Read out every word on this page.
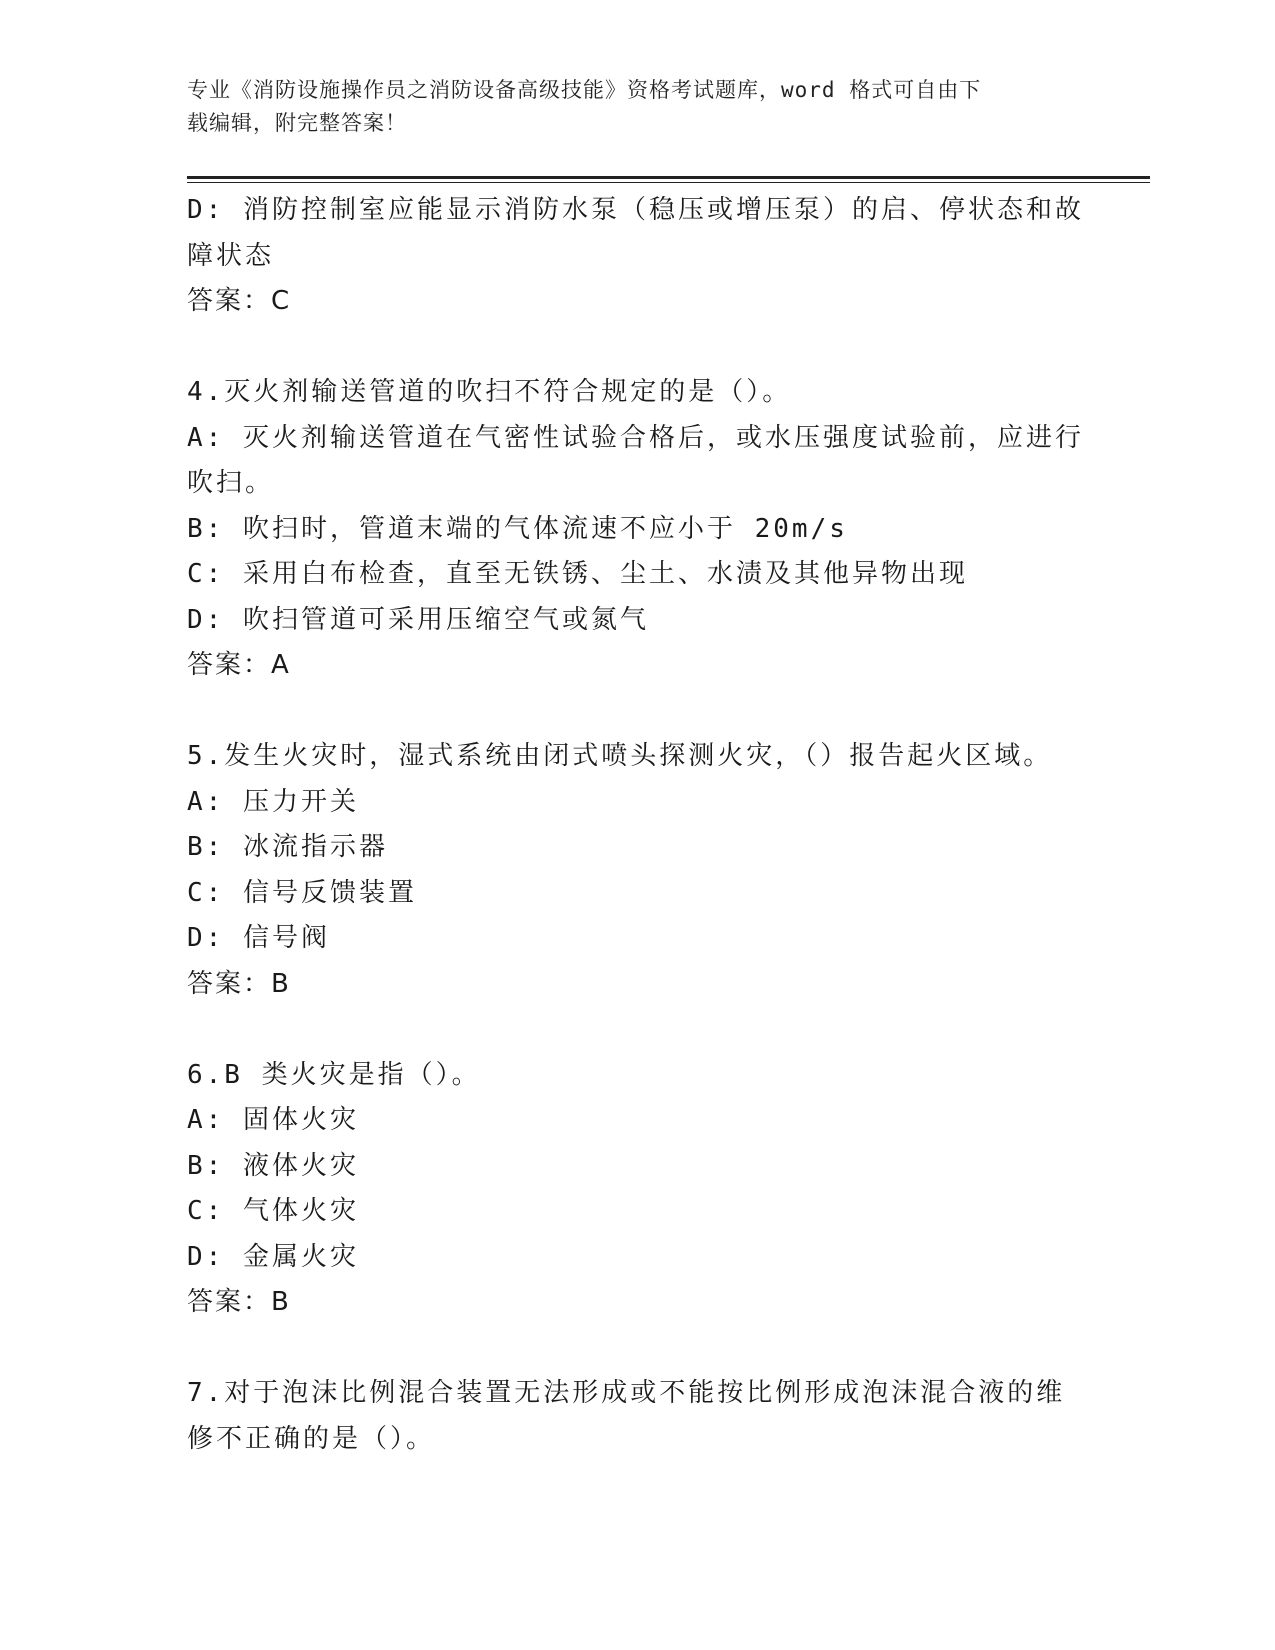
专业《消防设施操作员之消防设备高级技能》资格考试题库，word 格式可自由下
载编辑，附完整答案！
D: 消防控制室应能显示消防水泵（稳压或增压泵）的启、停状态和故
障状态
答案：C
4.灭火剂输送管道的吹扫不符合规定的是（）。
A: 灭火剂输送管道在气密性试验合格后，或水压强度试验前，应进行
吹扫。
B: 吹扫时，管道末端的气体流速不应小于 20m/s
C: 采用白布检查，直至无铁锈、尘土、水渍及其他异物出现
D: 吹扫管道可采用压缩空气或氮气
答案：A
5.发生火灾时，湿式系统由闭式喷头探测火灾，（）报告起火区域。
A: 压力开关
B: 冰流指示器
C: 信号反馈装置
D: 信号阀
答案：B
6.B 类火灾是指（）。
A: 固体火灾
B: 液体火灾
C: 气体火灾
D: 金属火灾
答案：B
7.对于泡沫比例混合装置无法形成或不能按比例形成泡沫混合液的维
修不正确的是（）。
